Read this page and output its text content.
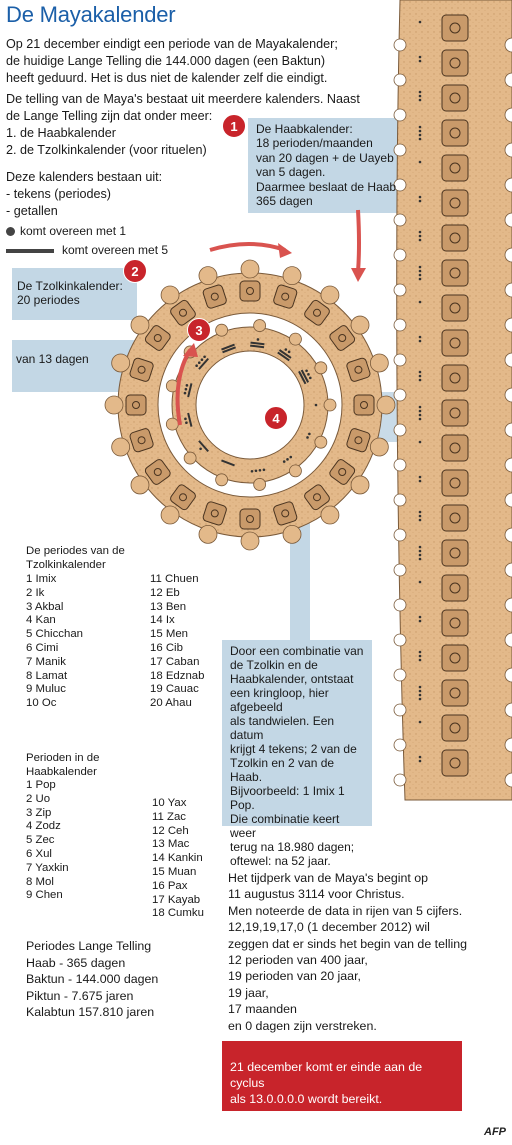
De Mayakalender

Op 21 december eindigt een periode van de Mayakalender;
de huidige Lange Telling die 144.000 dagen (een Baktun)
heeft geduurd. Het is dus niet de kalender zelf die eindigt.

De telling van de Maya's bestaat uit meerdere kalenders. Naast
de Lange Telling zijn dat onder meer:
1. de Haabkalender
2. de Tzolkinkalender (voor rituelen)

Deze kalenders bestaan uit:
- tekens (periodes)
- getallen

komt overeen met 1
komt overeen met 5
1
2
3
4
De Haabkalender:
18 perioden/maanden
van 20 dagen + de Uayeb
van 5 dagen.
Daarmee beslaat de Haab
365 dagen
De Tzolkinkalender:
20 periodes
van 13 dagen
Door een combinatie van
de Tzolkin en de
Haabkalender, ontstaat
een kringloop, hier afgebeeld
als tandwielen. Een datum
krijgt 4 tekens; 2 van de
Tzolkin en 2 van de Haab.
Bijvoorbeeld: 1 Imix 1 Pop.
Die combinatie keert weer
terug na 18.980 dagen;
oftewel: na 52 jaar.
De periodes van de
Tzolkinkalender
1 Imix
2 Ik
3 Akbal
4 Kan
5 Chicchan
6 Cimi
7 Manik
8 Lamat
9 Muluc
10 Oc
11 Chuen
12 Eb
13 Ben
14 Ix
15 Men
16 Cib
17 Caban
18 Edznab
19 Cauac
20 Ahau
Perioden in de
Haabkalender
1 Pop
2 Uo
3 Zip
4 Zodz
5 Zec
6 Xul
7 Yaxkin
8 Mol
9 Chen
10 Yax
11 Zac
12 Ceh
13 Mac
14 Kankin
15 Muan
16 Pax
17 Kayab
18 Cumku
Periodes Lange Telling
Haab - 365 dagen
Baktun - 144.000 dagen
Piktun - 7.675 jaren
Kalabtun 157.810 jaren
Het tijdperk van de Maya's begint op
11 augustus 3114 voor Christus.
Men noteerde de data in rijen van 5 cijfers.
12,19,19,17,0 (1 december 2012) wil
zeggen dat er sinds het begin van de telling
12 perioden van 400 jaar,
19 perioden van 20 jaar,
19 jaar,
17 maanden
en 0 dagen zijn verstreken.
21 december komt er einde aan de cyclus
als 13.0.0.0.0 wordt bereikt.
AFP
